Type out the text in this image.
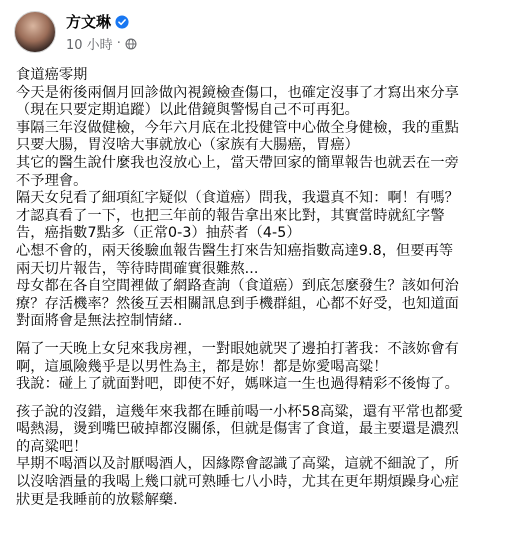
方文琳
10 小時 ·
食道癌零期
今天是術後兩個月回診做內視鏡檢查傷口，也確定沒事了才寫出來分享
（現在只要定期追蹤）以此借鏡與警惕自己不可再犯。
事隔三年沒做健檢，今年六月底在北投健管中心做全身健檢，我的重點
只要大腸，胃沒啥大事就放心（家族有大腸癌，胃癌）
其它的醫生說什麼我也沒放心上，當天帶回家的簡單報告也就丟在一旁
不予理會。
隔天女兒看了細項紅字疑似（食道癌）問我，我還真不知：啊！有嗎？
才認真看了一下，也把三年前的報告拿出來比對，其實當時就紅字警
告，癌指數7點多（正常0-3）抽菸者（4-5）
心想不會的，兩天後驗血報告醫生打來告知癌指數高達9.8，但要再等
兩天切片報告，等待時間確實很難熬...
母女都在各自空間裡做了網路查詢（食道癌）到底怎麼發生？該如何治
療？存活機率？然後互丟相關訊息到手機群組，心都不好受，也知道面
對面將會是無法控制情緒..
隔了一天晚上女兒來我房裡，一對眼她就哭了邊拍打著我：不該妳會有
啊，這風險幾乎是以男性為主，都是妳！都是妳愛喝高粱！
我說：碰上了就面對吧，即使不好，媽咪這一生也過得精彩不後悔了。
孩子說的沒錯，這幾年來我都在睡前喝一小杯58高粱，還有平常也都愛
喝熱湯，燙到嘴巴破掉都沒關係，但就是傷害了食道，最主要還是濃烈
的高粱吧！
早期不喝酒以及討厭喝酒人，因緣際會認識了高粱，這就不細說了，所
以沒啥酒量的我喝上幾口就可熟睡七八小時，尤其在更年期煩躁身心症
狀更是我睡前的放鬆解藥.
